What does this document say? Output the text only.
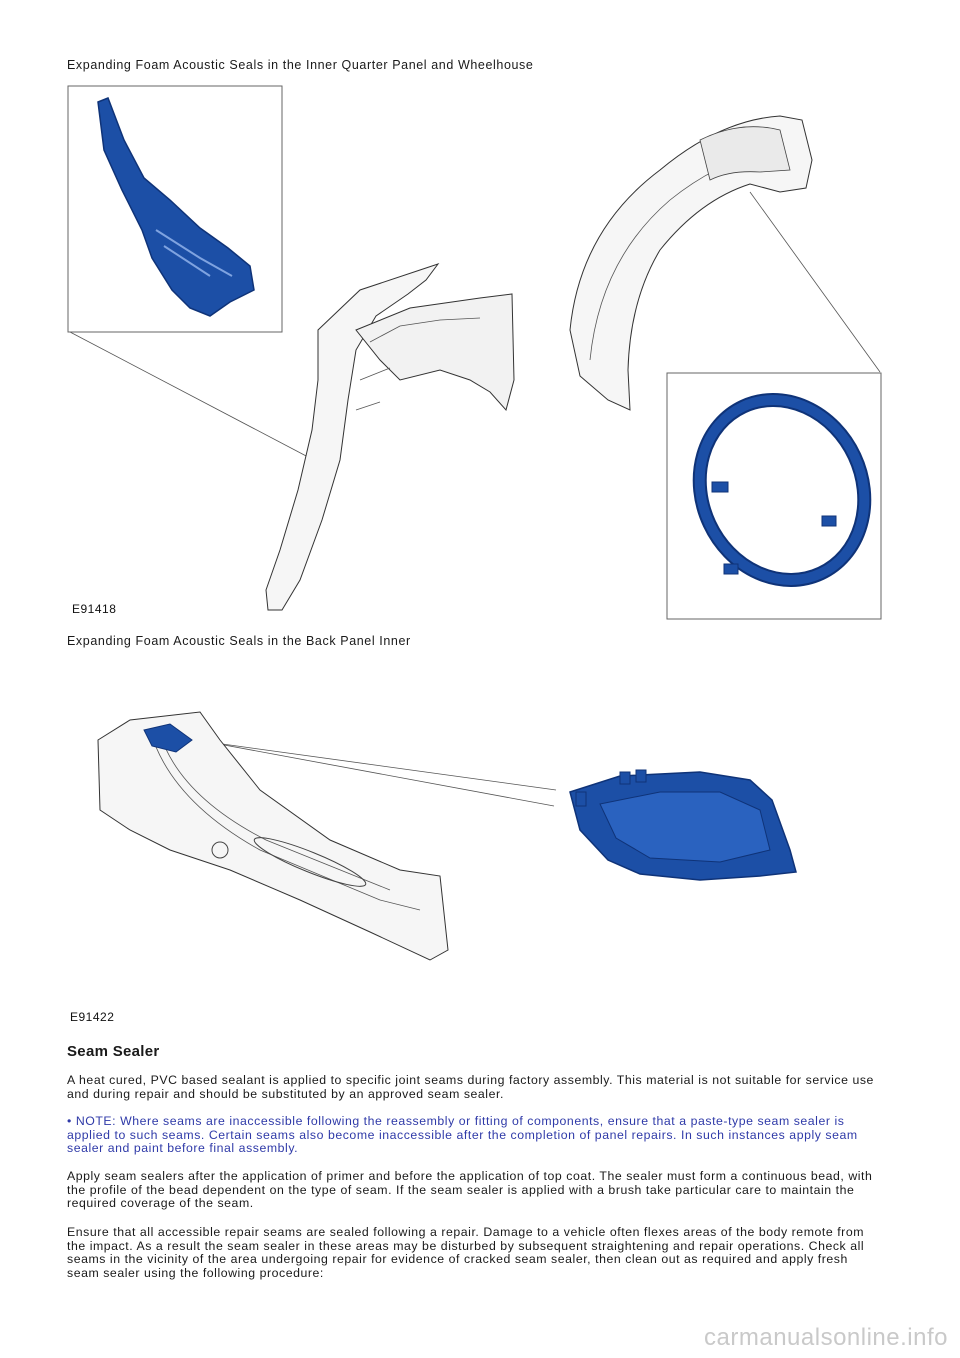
Expanding Foam Acoustic Seals in the Inner Quarter Panel and Wheelhouse
E91418
Expanding Foam Acoustic Seals in the Back Panel Inner
E91422
Seam Sealer

A heat cured, PVC based sealant is applied to specific joint seams during factory assembly. This material is not suitable for service use and during repair and should be substituted by an approved seam sealer.

• NOTE: Where seams are inaccessible following the reassembly or fitting of components, ensure that a paste-type seam sealer is applied to such seams. Certain seams also become inaccessible after the completion of panel repairs. In such instances apply seam sealer and paint before final assembly.

Apply seam sealers after the application of primer and before the application of top coat. The sealer must form a continuous bead, with the profile of the bead dependent on the type of seam. If the seam sealer is applied with a brush take particular care to maintain the required coverage of the seam.

Ensure that all accessible repair seams are sealed following a repair. Damage to a vehicle often flexes areas of the body remote from the impact. As a result the seam sealer in these areas may be disturbed by subsequent straightening and repair operations. Check all seams in the vicinity of the area undergoing repair for evidence of cracked seam sealer, then clean out as required and apply fresh seam sealer using the following procedure:

carmanualsonline.info
